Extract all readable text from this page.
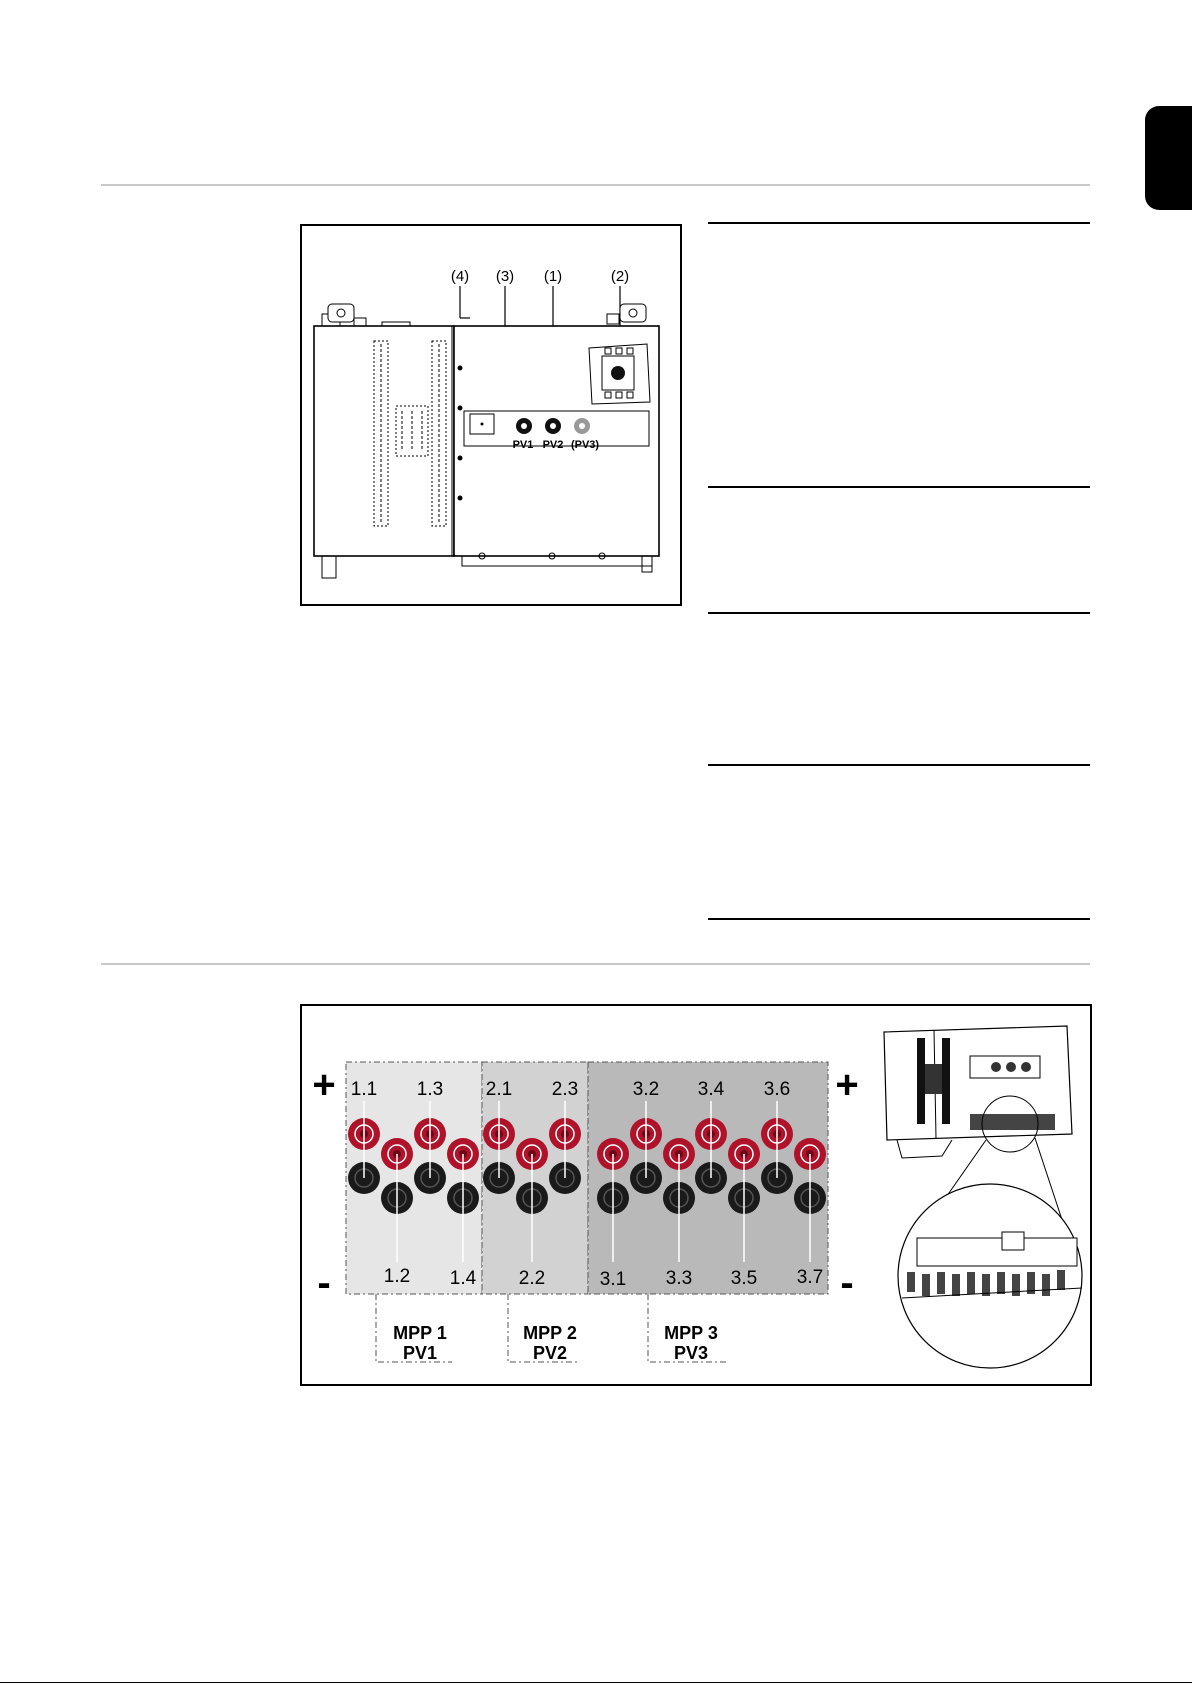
(4) (3) (1)	(2)
PV1 PV2 (PV3)
+	+
-	-
1.1 1.3 2.1 2.3	3.2 3.4 3.6
1.2 1.4 2.2	3.1 3.3 3.5 3.7
MPP 1
PV1
MPP 2
PV2
MPP 3
PV3
